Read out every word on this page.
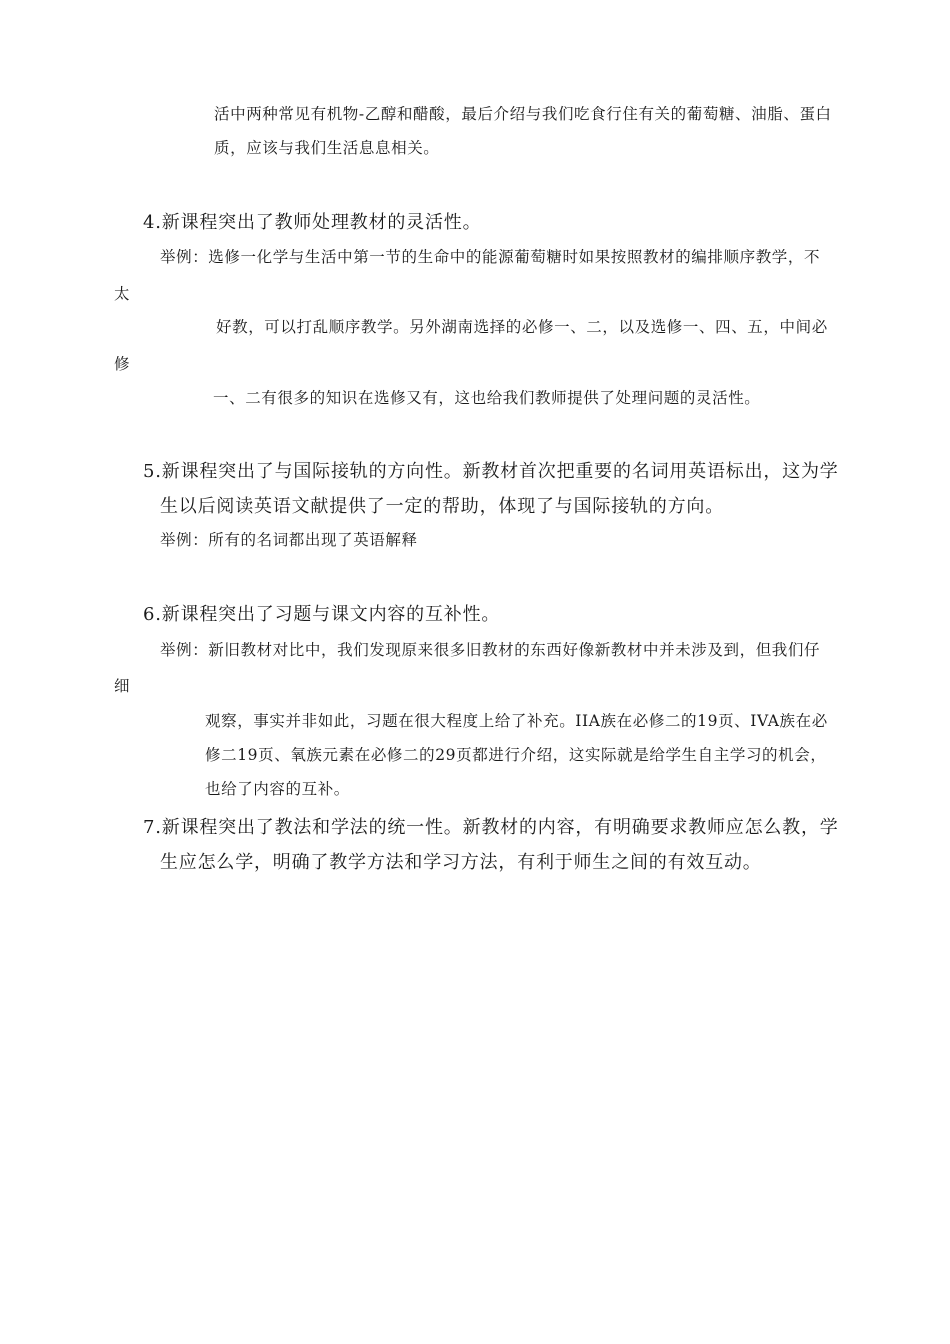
活中两种常见有机物-乙醇和醋酸，最后介绍与我们吃食行住有关的葡萄糖、油脂、蛋白
质，应该与我们生活息息相关。
4.新课程突出了教师处理教材的灵活性。
举例：选修一化学与生活中第一节的生命中的能源葡萄糖时如果按照教材的编排顺序教学，不
太
好教，可以打乱顺序教学。另外湖南选择的必修一、二，以及选修一、四、五，中间必
修
一、二有很多的知识在选修又有，这也给我们教师提供了处理问题的灵活性。
5.新课程突出了与国际接轨的方向性。新教材首次把重要的名词用英语标出，这为学
生以后阅读英语文献提供了一定的帮助，体现了与国际接轨的方向。
举例：所有的名词都出现了英语解释
6.新课程突出了习题与课文内容的互补性。
举例：新旧教材对比中，我们发现原来很多旧教材的东西好像新教材中并未涉及到，但我们仔
细
观察，事实并非如此，习题在很大程度上给了补充。IIA族在必修二的19页、IVA族在必
修二19页、氧族元素在必修二的29页都进行介绍，这实际就是给学生自主学习的机会，
也给了内容的互补。
7.新课程突出了教法和学法的统一性。新教材的内容，有明确要求教师应怎么教，学
生应怎么学，明确了教学方法和学习方法，有利于师生之间的有效互动。
